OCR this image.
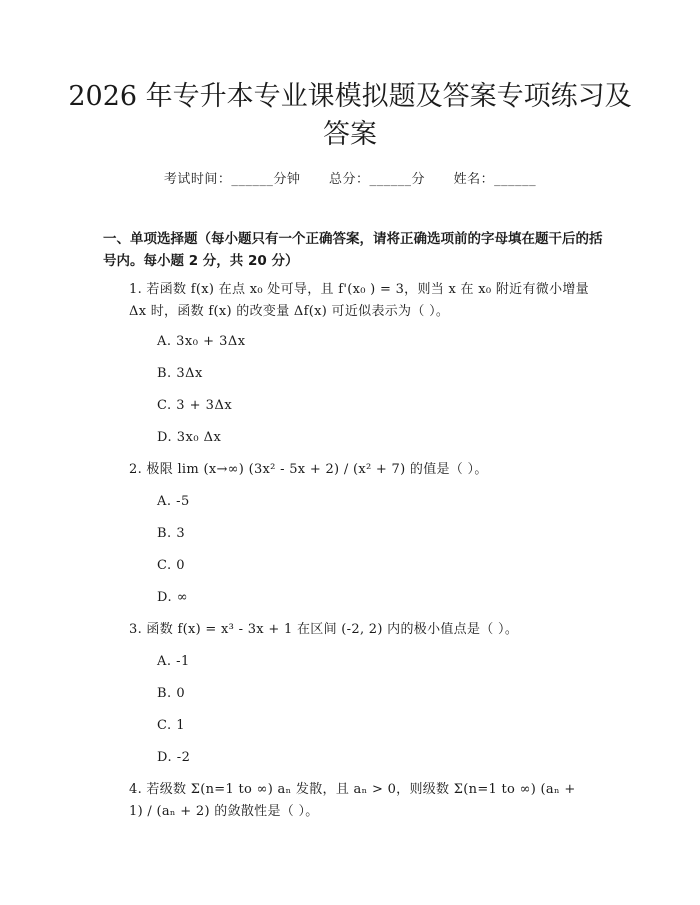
2026 年专升本专业课模拟题及答案专项练习及答案
考试时间：______分钟 总分：______分 姓名：______
一、单项选择题（每小题只有一个正确答案，请将正确选项前的字母填在题干后的括号内。每小题 2 分，共 20 分）
1. 若函数 f(x) 在点 x₀ 处可导，且 f'(x₀ ) = 3，则当 x 在 x₀ 附近有微小增量 Δx 时，函数 f(x) 的改变量 Δf(x) 可近似表示为（ ）。
A. 3x₀ + 3Δx
B. 3Δx
C. 3 + 3Δx
D. 3x₀ Δx
2. 极限 lim (x→∞) (3x² - 5x + 2) / (x² + 7) 的值是（ ）。
A. -5
B. 3
C. 0
D. ∞
3. 函数 f(x) = x³ - 3x + 1 在区间 (-2, 2) 内的极小值点是（ ）。
A. -1
B. 0
C. 1
D. -2
4. 若级数 Σ(n=1 to ∞) aₙ 发散，且 aₙ > 0，则级数 Σ(n=1 to ∞) (aₙ + 1) / (aₙ + 2) 的敛散性是（ ）。
